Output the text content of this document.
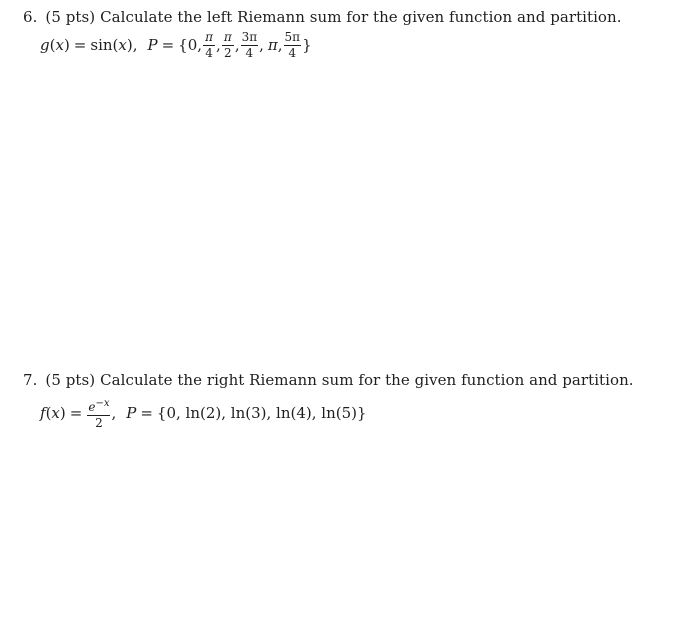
6. (5 pts) Calculate the left Riemann sum for the given function and partition.
g ( x ) = sin ( x ), P = { 0 , $\frac{\pi}{4}$ , $\frac{\pi}{2}$ , $\frac{3\pi}{4}$ , π , $\frac{5\pi}{4}$ }
7. (5 pts) Calculate the right Riemann sum for the given function and partition.
f ( x ) = $\frac{e^{-x}}{2}$ , P = {0, ln(2), ln(3), ln(4), ln(5)}
